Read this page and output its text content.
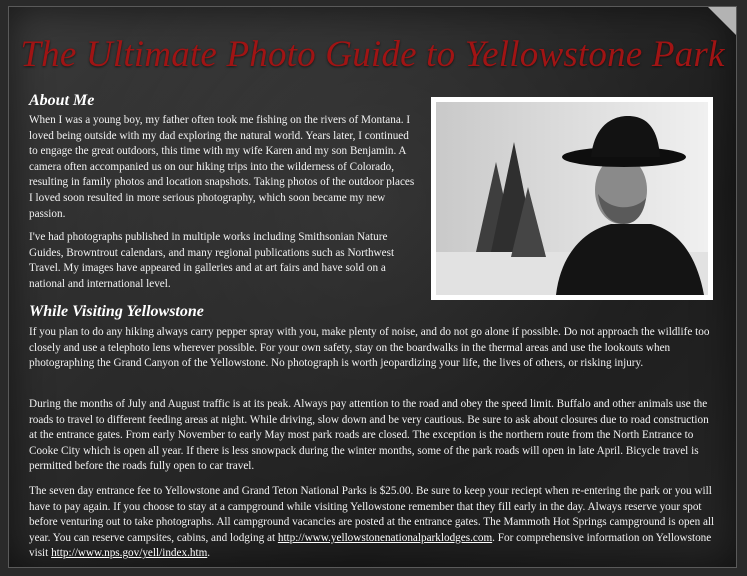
The Ultimate Photo Guide to Yellowstone Park
About Me

When I was a young boy, my father often took me fishing on the rivers of Montana. I loved being outside with my dad exploring the natural world. Years later, I continued to engage the great outdoors, this time with my wife Karen and my son Benjamin. A camera often accompanied us on our hiking trips into the wilderness of Colorado, resulting in family photos and location snapshots. Taking photos of the outdoor places I loved soon resulted in more serious photography, which soon became my new passion.

I've had photographs published in multiple works including Smithsonian Nature Guides, Browntrout calendars, and many regional publications such as Northwest Travel. My images have appeared in galleries and at art fairs and have sold on a national and international level.

While Visiting Yellowstone

If you plan to do any hiking always carry pepper spray with you, make plenty of noise, and do not go alone if possible. Do not approach the wildlife too closely and use a telephoto lens wherever possible. For your own safety, stay on the boardwalks in the thermal areas and use the lookouts when photographing the Grand Canyon of the Yellowstone. No photograph is worth jeopardizing your life, the lives of others, or risking injury.

During the months of July and August traffic is at its peak. Always pay attention to the road and obey the speed limit. Buffalo and other animals use the roads to travel to different feeding areas at night. While driving, slow down and be very cautious. Be sure to ask about closures due to road construction at the entrance gates. From early November to early May most park roads are closed. The exception is the northern route from the North Entrance to Cooke City which is open all year. If there is less snowpack during the winter months, some of the park roads will open in late April. Bicycle travel is permitted before the roads fully open to car travel.

The seven day entrance fee to Yellowstone and Grand Teton National Parks is $25.00. Be sure to keep your reciept when re-entering the park or you will have to pay again. If you choose to stay at a campground while visiting Yellowstone remember that they fill early in the day. Always reserve your spot before venturing out to take photographs. All campground vacancies are posted at the entrance gates. The Mammoth Hot Springs campground is open all year. You can reserve campsites, cabins, and lodging at http://www.yellowstonenationalparklodges.com. For comprehensive information on Yellowstone visit http://www.nps.gov/yell/index.htm.
